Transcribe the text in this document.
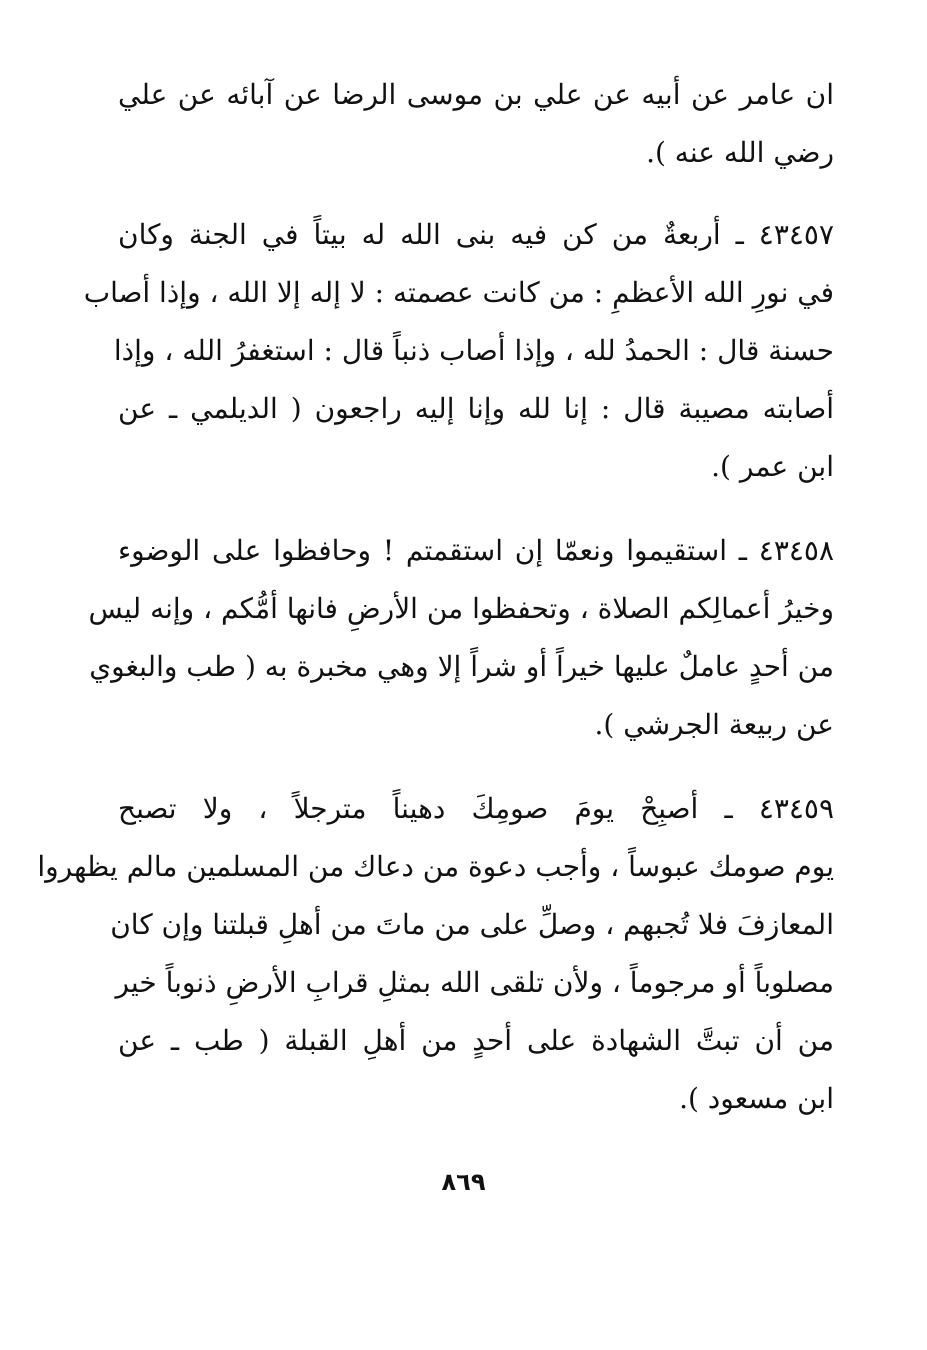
ان عامر عن أبيه عن علي بن موسى الرضا عن آبائه عن علي
رضي الله عنه ).
٤٣٤٥٧ ـ أربعةٌ من كن فيه بنى الله له بيتاً في الجنة وكان
في نورِ الله الأعظمِ : من كانت عصمته : لا إله إلا الله ، وإذا أصاب
حسنة قال : الحمدُ لله ، وإذا أصاب ذنباً قال : استغفرُ الله ، وإذا
أصابته مصيبة قال : إنا لله وإنا إليه راجعون ( الديلمي ـ عن
ابن عمر ).
٤٣٤٥٨ ـ استقيموا ونعمّا إن استقمتم ! وحافظوا على الوضوء
وخيرُ أعمالِكم الصلاة ، وتحفظوا من الأرضِ فانها أمُّكم ، وإنه ليس
من أحدٍ عاملٌ عليها خيراً أو شراً إلا وهي مخبرة به ( طب والبغوي
عن ربيعة الجرشي ).
٤٣٤٥٩ ـ أصبِحْ يومَ صومِكَ دهيناً مترجلاً ، ولا تصبح
يوم صومك عبوساً ، وأجب دعوة من دعاك من المسلمين مالم يظهروا
المعازفَ فلا تُجبهم ، وصلِّ على من ماتَ من أهلِ قبلتنا وإن كان
مصلوباً أو مرجوماً ، ولأن تلقى الله بمثلِ قرابِ الأرضِ ذنوباً خير
من أن تبتَّ الشهادة على أحدٍ من أهلِ القبلة ( طب ـ عن
ابن مسعود ).
٨٦٩
